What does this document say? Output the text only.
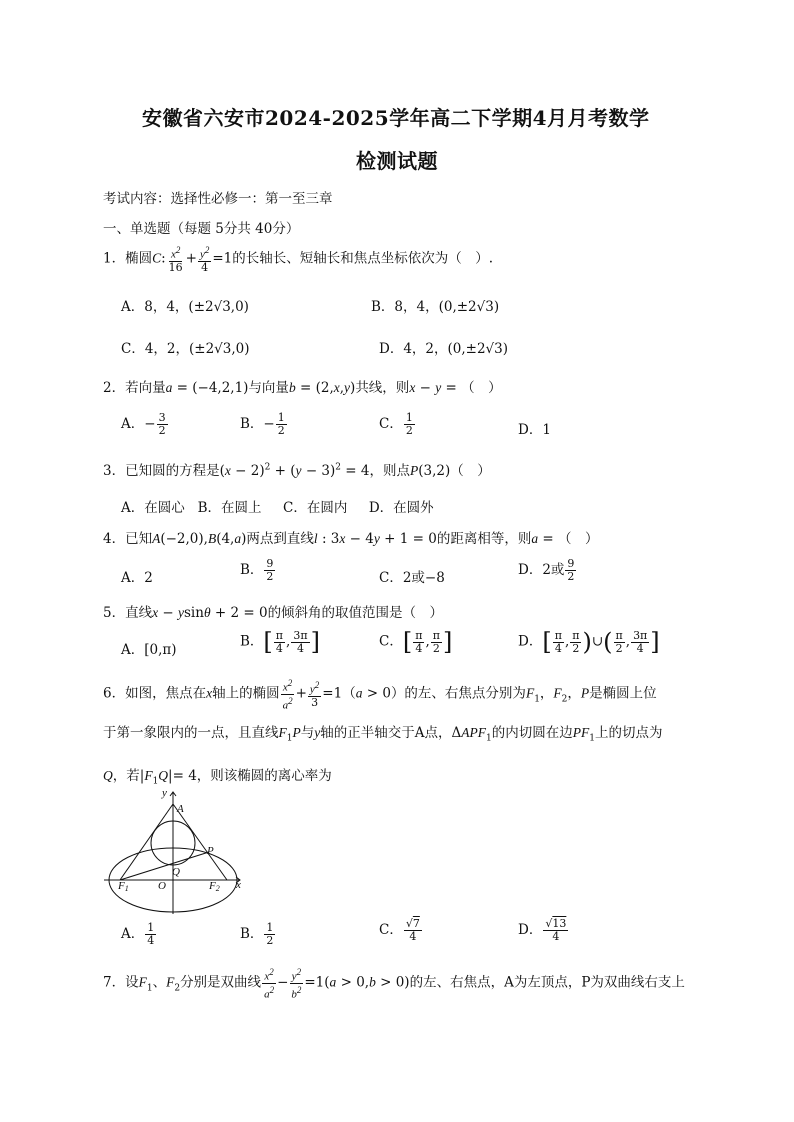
安徽省六安市2024-2025学年高二下学期4月月考数学
检测试题
考试内容：选择性必修一：第一至三章
一、单选题（每题 5分共 40分）
1．椭圆C: $\frac{x^2}{16} + \frac{y^2}{4} =1$的长轴长、短轴长和焦点坐标依次为（　）.
A．8，4，(±2√3,0)	B．8，4，(0,±2√3)
C．4，2，(±2√3,0)	D．4，2，(0,±2√3)
2．若向量a = (−4,2,1)与向量b = (2,x,y)共线，则x − y = （　）
A．− $\frac{3}{2}$	B．− $\frac{1}{2}$	C． $\frac{1}{2}$	D．1
3．已知圆的方程是$(x - 2)^2 + (y - 3)^2 = 4$，则点P(3,2)（　）
A．在圆心 B．在圆上 C．在圆内 D．在圆外
4．已知A(−2,0),B(4,a)两点到直线l : 3x − 4y + 1 = 0的距离相等，则a = （　）
A．2	B． $\frac{9}{2}$	C．2或−8	D．2或 $\frac{9}{2}$
5．直线x − ysinθ + 2 = 0的倾斜角的取值范围是（　）
A．[0,π)
B．[ $\frac{\pi}{4}$ , $\frac{3\pi}{4}$ ]	C．[ $\frac{\pi}{4}$ , $\frac{\pi}{2}$ ]	D．[ $\frac{\pi}{4}$ , $\frac{\pi}{2}$ )∪( $\frac{\pi}{2}$ , $\frac{3\pi}{4}$ ]
6．如图，焦点在x轴上的椭圆 $\frac{x^2}{a^2} + \frac{y^2}{3} =1(a > 0)$的左、右焦点分别为$F_1$，$F_2$，P是椭圆上位
于第一象限内的一点，且直线$F_1P$与y轴的正半轴交于A点，$\Delta APF_1$的内切圆在边$PF_1$上的切点为
Q，若$|F_1Q|= 4$，则该椭圆的离心率为
A
y
P
Q
O
F1	F2 x
A． $\frac{1}{4}$	B． $\frac{1}{2}$	C． $\frac{√7}{4}$	D． $\frac{√13}{4}$
7．设$F_1$、$F_2$分别是双曲线 $\frac{x^2}{a^2} - \frac{y^2}{b^2} =1(a > 0,b > 0)$的左、右焦点，A为左顶点，P为双曲线右支上
